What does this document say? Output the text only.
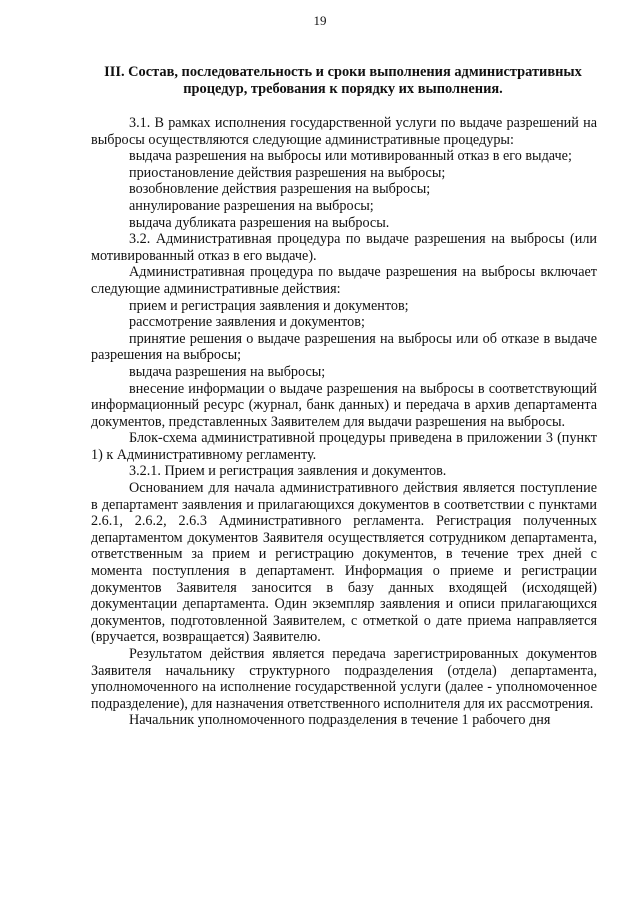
19
III. Состав, последовательность и сроки выполнения административных процедур, требования к порядку их выполнения.

3.1. В рамках исполнения государственной услуги по выдаче разрешений на выбросы осуществляются следующие административные процедуры:

выдача разрешения на выбросы или мотивированный отказ в его выдаче;

приостановление действия разрешения на выбросы;

возобновление действия разрешения на выбросы;

аннулирование разрешения на выбросы;

выдача дубликата разрешения на выбросы.

3.2. Административная процедура по выдаче разрешения на выбросы (или мотивированный отказ в его выдаче).

Административная процедура по выдаче разрешения на выбросы включает следующие административные действия:

прием и регистрация заявления и документов;

рассмотрение заявления и документов;

принятие решения о выдаче разрешения на выбросы или об отказе в выдаче разрешения на выбросы;

выдача разрешения на выбросы;

внесение информации о выдаче разрешения на выбросы в соответствующий информационный ресурс (журнал, банк данных) и передача в архив департамента документов, представленных Заявителем для выдачи разрешения на выбросы.

Блок-схема административной процедуры приведена в приложении 3 (пункт 1) к Административному регламенту.

3.2.1. Прием и регистрация заявления и документов.

Основанием для начала административного действия является поступление в департамент заявления и прилагающихся документов в соответствии с пунктами 2.6.1, 2.6.2, 2.6.3 Административного регламента. Регистрация полученных департаментом документов Заявителя осуществляется сотрудником департамента, ответственным за прием и регистрацию документов, в течение трех дней с момента поступления в департамент. Информация о приеме и регистрации документов Заявителя заносится в базу данных входящей (исходящей) документации департамента. Один экземпляр заявления и описи прилагающихся документов, подготовленной Заявителем, с отметкой о дате приема направляется (вручается, возвращается) Заявителю.

Результатом действия является передача зарегистрированных документов Заявителя начальнику структурного подразделения (отдела) департамента, уполномоченного на исполнение государственной услуги (далее - уполномоченное подразделение), для назначения ответственного исполнителя для их рассмотрения.

Начальник уполномоченного подразделения в течение 1 рабочего дня
